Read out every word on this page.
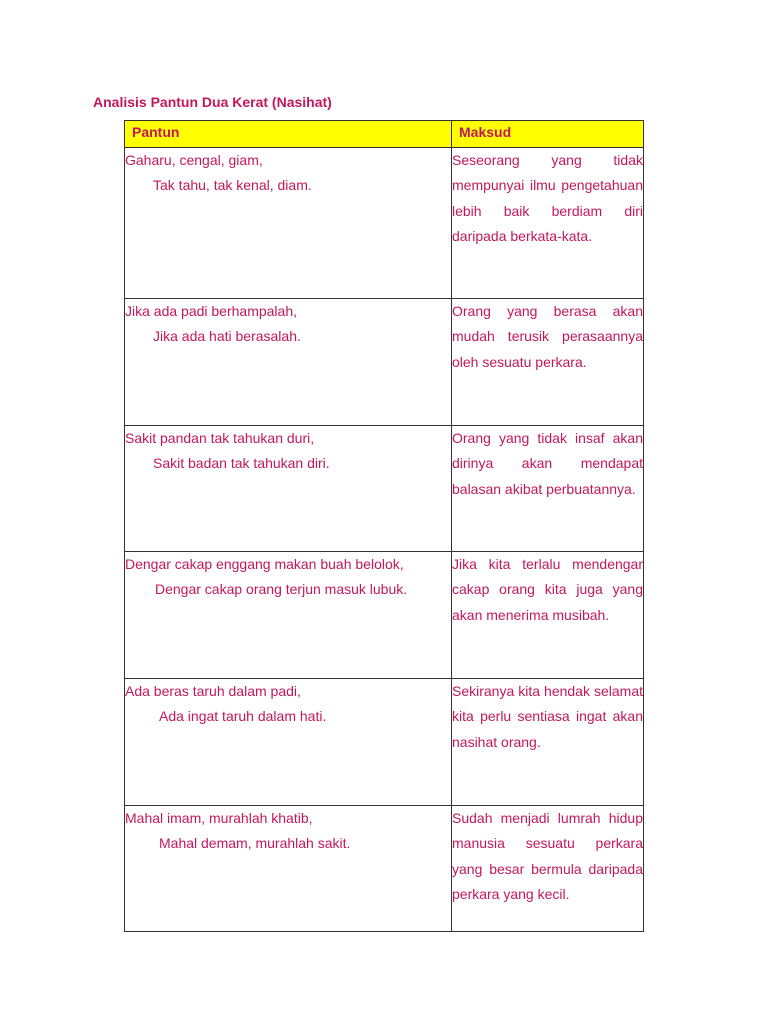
Analisis Pantun Dua Kerat (Nasihat)
Pantun	Maksud

Gaharu, cengal, giam,
Tak tahu, tak kenal, diam.	Seseorang yang tidak mempunyai ilmu pengetahuan lebih baik berdiam diri daripada berkata-kata.

Jika ada padi berhampalah,
Jika ada hati berasalah.	Orang yang berasa akan mudah terusik perasaannya oleh sesuatu perkara.

Sakit pandan tak tahukan duri,
Sakit badan tak tahukan diri.	Orang yang tidak insaf akan dirinya akan mendapat balasan akibat perbuatannya.

Dengar cakap enggang makan buah belolok,
Dengar cakap orang terjun masuk lubuk.	Jika kita terlalu mendengar cakap orang kita juga yang akan menerima musibah.

Ada beras taruh dalam padi,
Ada ingat taruh dalam hati.	Sekiranya kita hendak selamat kita perlu sentiasa ingat akan nasihat orang.

Mahal imam, murahlah khatib,
Mahal demam, murahlah sakit.	Sudah menjadi lumrah hidup manusia sesuatu perkara yang besar bermula daripada perkara yang kecil.
